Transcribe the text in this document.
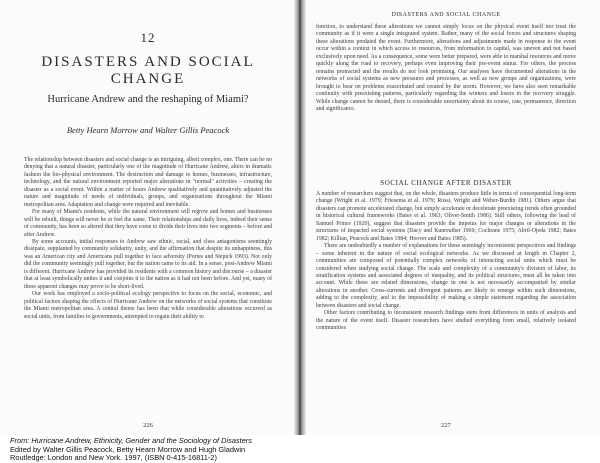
12
DISASTERS AND SOCIAL CHANGE
Hurricane Andrew and the reshaping of Miami?
Betty Hearn Morrow and Walter Gillis Peacock

The relationship between disasters and social change is an intriguing, albeit complex, one. There can be no denying that a natural disaster, particularly one of the magnitude of Hurricane Andrew, alters in dramatic fashion the bio-physical environment. The destruction and damage to homes, businesses, infrastructure, technology, and the natural environment reported major alterations in "normal" activities – creating the disaster as a social event. Within a matter of hours Andrew qualitatively and quantitatively adjusted the nature and magnitude of needs of individuals, groups, and organizations throughout the Miami metropolitan area. Adaptation and change were required and inevitable.

For many of Miami's residents, while the natural environment will regrow and homes and businesses will be rebuilt, things will never be or feel the same. Their relationships and daily lives, indeed their sense of community, has been so altered that they have come to divide their lives into two segments – before and after Andrew.

By some accounts, initial responses to Andrew saw ethnic, racial, and class antagonisms seemingly dissipate, supplanted by community solidarity, unity, and the affirmation that despite its unhappiness, this was an American city and Americans pull together to face adversity (Portes and Stepick 1993). Not only did the community seemingly pull together, but the nation came to its aid. In a sense, post-Andrew Miami is different. Hurricane Andrew has provided its residents with a common history and discourse – a disaster that at least symbolically unites it and conjoins it to the nation as it had not been before. And yet, many of these apparent changes may prove to be short-lived.

Our work has employed a socio-political ecology perspective to focus on the social, economic, and political factors shaping the effects of Hurricane Andrew on the networks of social systems that constitute the Miami metropolitan area. A central theme has been that while considerable alterations occurred as social units, from families to governments, attempted to regain their ability to

226
DISASTERS AND SOCIAL CHANGE

function, to understand these alterations we cannot simply focus on the physical event itself nor treat the community as if it were a single integrated system. Rather, many of the social forces and structures shaping these alterations predated the event. Furthermore, alterations and adjustments made in response to the event occur within a context in which access to resources, from information to capital, was uneven and not based exclusively upon need. As a consequence, some were better prepared, were able to marshal resources and move quickly along the road to recovery, perhaps even improving their pre-event status. For others, the process remains protracted and the results do not look promising. Our analyses have documented alterations in the networks of social systems as new pressures and processes, as well as new groups and organizations, were brought to bear on problems exacerbated and created by the storm. However, we have also seen remarkable continuity with preexisting patterns, particularly regarding the winners and losers in the recovery struggle. While change cannot be denied, there is considerable uncertainty about its course, rate, permanence, direction and significance.

SOCIAL CHANGE AFTER DISASTER

A number of researchers suggest that, on the whole, disasters produce little in terms of consequential long-term change (Wright et al. 1979; Friesema et al. 1979; Rossi, Wright and Weber-Burdin 1981). Others argue that disasters can promote accelerated change, but simply accelerate or decelerate preexisting trends often grounded in historical cultural frameworks (Bates et al. 1963; Oliver-Smith 1986). Still others, following the lead of Samuel Prince (1920), suggest that disasters provide the impetus for major changes or alterations in the structures of impacted social systems (Dacy and Kunreuther 1969; Cochrane 1975; Abril-Ojeda 1982; Bates 1982; Killian, Peacock and Bates 1984; Hoover and Bates 1985).

There are undoubtedly a number of explanations for these seemingly inconsistent perspectives and findings – some inherent in the nature of social ecological networks. As we discussed at length in Chapter 2, communities are composed of potentially complex networks of interacting social units which must be considered when studying social change. The scale and complexity of a community's division of labor, its stratification systems and associated degrees of inequality, and its political structures, must all be taken into account. While these are related dimensions, change in one is not necessarily accompanied by similar alterations in another. Cross-currents and divergent patterns are likely to emerge within such dimensions, adding to the complexity, and to the impossibility of making a simple statement regarding the association between disasters and social change.

Other factors contributing to inconsistent research findings stem from differences in units of analysis and the nature of the event itself. Disaster researchers have studied everything from small, relatively isolated communities

227
From: Hurricane Andrew, Ethnicity, Gender and the Sociology of Disasters
Edited by Walter Gillis Peacock, Betty Hearn Morrow and Hugh Gladwin
Routledge: London and New York. 1997, (ISBN 0-415-16811-2)
